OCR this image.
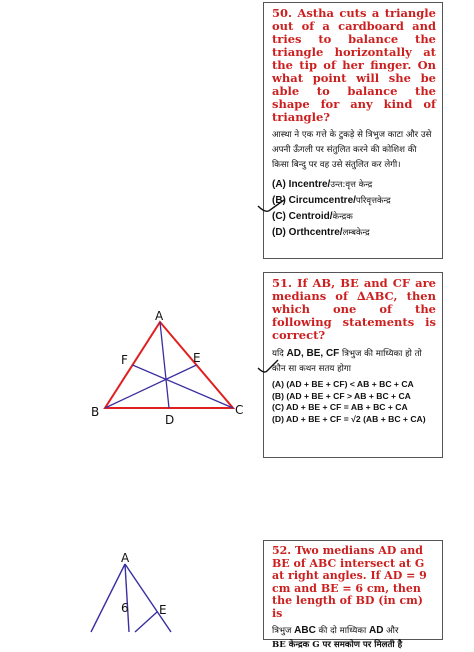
50. Astha cuts a triangle out of a cardboard and tries to balance the triangle horizontally at the tip of her finger. On what point will she be able to balance the shape for any kind of triangle?
आस्था ने एक गत्ते के टुकड़े से त्रिभुज काटा और उसे अपनी ऊँगली पर संतुलित करने की कोशिश की किसा बिन्दु पर वह उसे संतुलित कर लेगी।
(A) Incentre/उन्त:वृत्त केन्द्र
(B) Circumcentre/परिवृत्तकेन्द्र
(C) Centroid/केन्द्रक
(D) Orthcentre/लम्बकेन्द्र
51. If AB, BE and CF are medians of ∆ABC, then which one of the following statements is correct?
यदि AD, BE, CF त्रिभुज की माध्यिका हो तो कौन सा कथन सतय होगा
(A) (AD + BE + CF) < AB + BC + CA
(B) (AD + BE + CF > AB + BC + CA
(C) AD + BE + CF = AB + BC + CA
(D) AD + BE + CF = √2 (AB + BC + CA)
52. Two medians AD and BE of ABC intersect at G at right angles. If AD = 9 cm and BE = 6 cm, then the length of BD (in cm) is
त्रिभुज ABC की दो माध्यिका AD और
BE केन्द्रक G पर समकोण पर मिलती है
A
B	C
D
E
F
A
E
6
